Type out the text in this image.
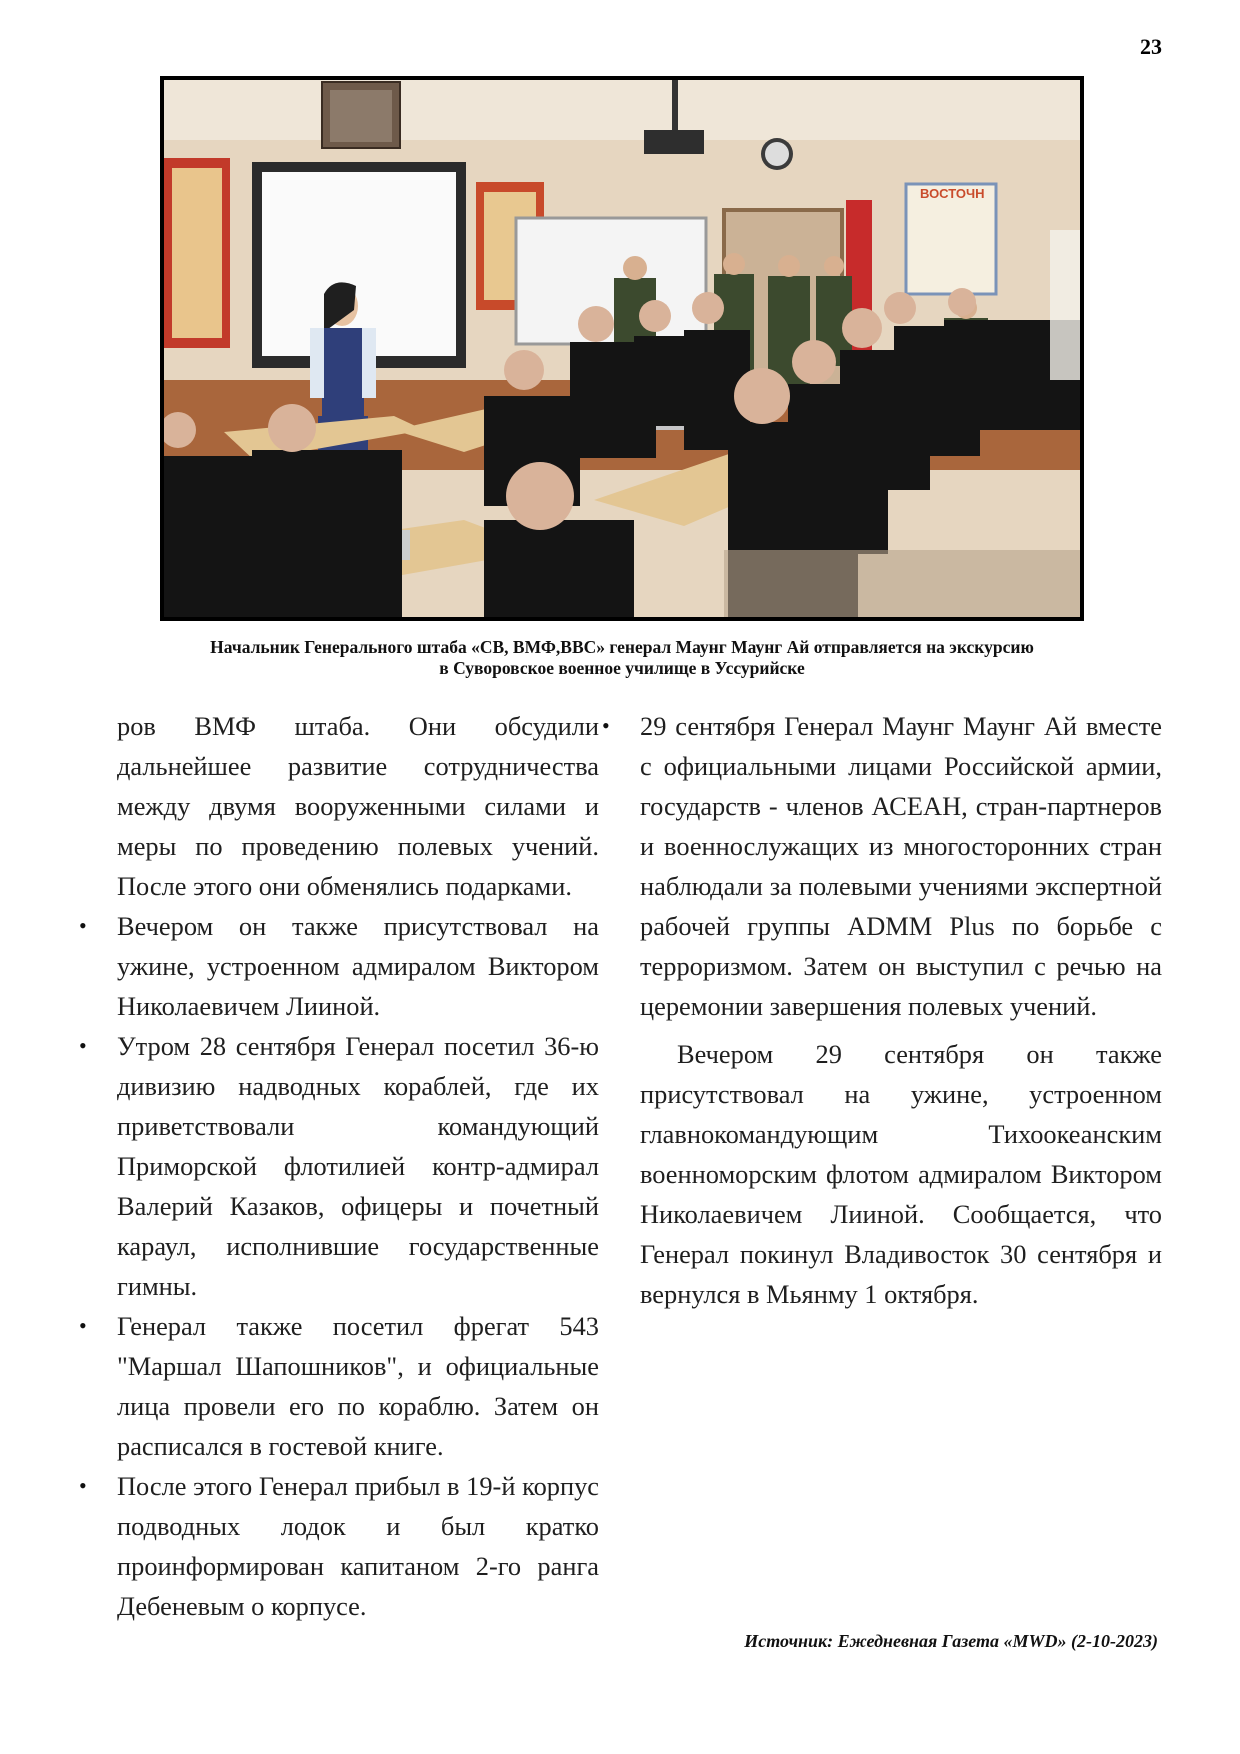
23
ВОСТОЧН
Начальник Генерального штаба «СВ, ВМФ,ВВС» генерал Маунг Маунг Ай отправляется на экскурсию
в Суворовское военное училище в Уссурийске

ров ВМФ штаба. Они обсудили дальнейшее развитие сотрудничества между двумя вооруженными силами и меры по проведению полевых учений. После этого они обменялись подарками.

• Вечером он также присутствовал на ужине, устроенном адмиралом Виктором Николаевичем Лииной.
• Утром 28 сентября Генерал посетил 36-ю дивизию надводных кораблей, где их приветствовали командующий Приморской флотилией контр-адмирал Валерий Казаков, офицеры и почетный караул, исполнившие государственные гимны.
• Генерал также посетил фрегат 543 "Маршал Шапошников", и официальные лица провели его по кораблю. Затем он расписался в гостевой книге.
• После этого Генерал прибыл в 19-й корпус подводных лодок и был кратко проинформирован капитаном 2-го ранга Дебеневым о корпусе.
• 29 сентября Генерал Маунг Маунг Ай вместе с официальными лицами Российской армии, государств - членов АСЕАН, стран-партнеров и военнослужащих из многосторонних стран наблюдали за полевыми учениями экспертной рабочей группы ADMM Plus по борьбе с терроризмом. Затем он выступил с речью на церемонии завершения полевых учений.

Вечером 29 сентября он также присутствовал на ужине, устроенном главнокомандующим Тихоокеанским военноморским флотом адмиралом Виктором Николаевичем Лииной. Сообщается, что Генерал покинул Владивосток 30 сентября и вернулся в Мьянму 1 октября.

Источник: Ежедневная Газета «MWD» (2-10-2023)
